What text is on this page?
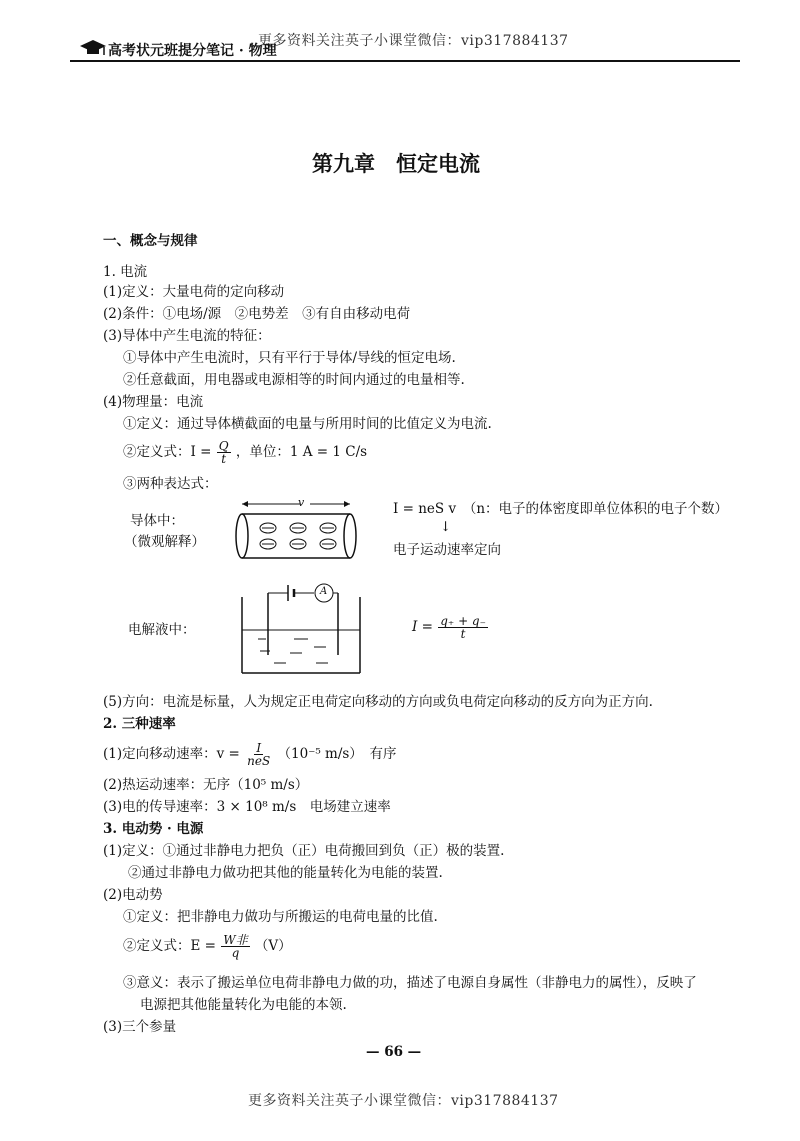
更多资料关注英子小课堂微信：vip317884137
高考状元班提分笔记 · 物理
第九章　恒定电流
一、概念与规律
1. 电流
(1)定义：大量电荷的定向移动
(2)条件：①电场/源　②电势差　③有自由移动电荷
(3)导体中产生电流的特征：
①导体中产生电流时，只有平行于导体/导线的恒定电场.
②任意截面，用电器或电源相等的时间内通过的电量相等.
(4)物理量：电流
①定义：通过导体横截面的电量与所用时间的比值定义为电流.
②定义式：$I = \frac{Q}{t}$ ，单位：1 A = 1 C/s
③两种表达式：
导体中：
（微观解释）
v	I = neS v　（n：电子的体密度即单位体积的电子个数）
↓
电子运动速率定向
A
电解液中：	$I = \frac{q_+ + q_-}{t}$
(5)方向：电流是标量，人为规定正电荷定向移动的方向或负电荷定向移动的反方向为正方向.
2. 三种速率
(1)定向移动速率：$v = \frac{I}{\text{neS}} (10^{-5}$ m/s）　有序
(2)热运动速率：无序（10⁵ m/s）
(3)电的传导速率：3 × 10⁸ m/s　电场建立速率
3. 电动势 · 电源
(1)定义：①通过非静电力把负（正）电荷搬回到负（正）极的装置.
②通过非静电力做功把其他的能量转化为电能的装置.
(2)电动势
①定义：把非静电力做功与所搬运的电荷电量的比值.
②定义式：$E = \frac{\text{W非}}{q} (V)$
③意义：表示了搬运单位电荷非静电力做的功，描述了电源自身属性（非静电力的属性），反映了
电源把其他能量转化为电能的本领.
(3)三个参量
— 66 —
更多资料关注英子小课堂微信：vip317884137
